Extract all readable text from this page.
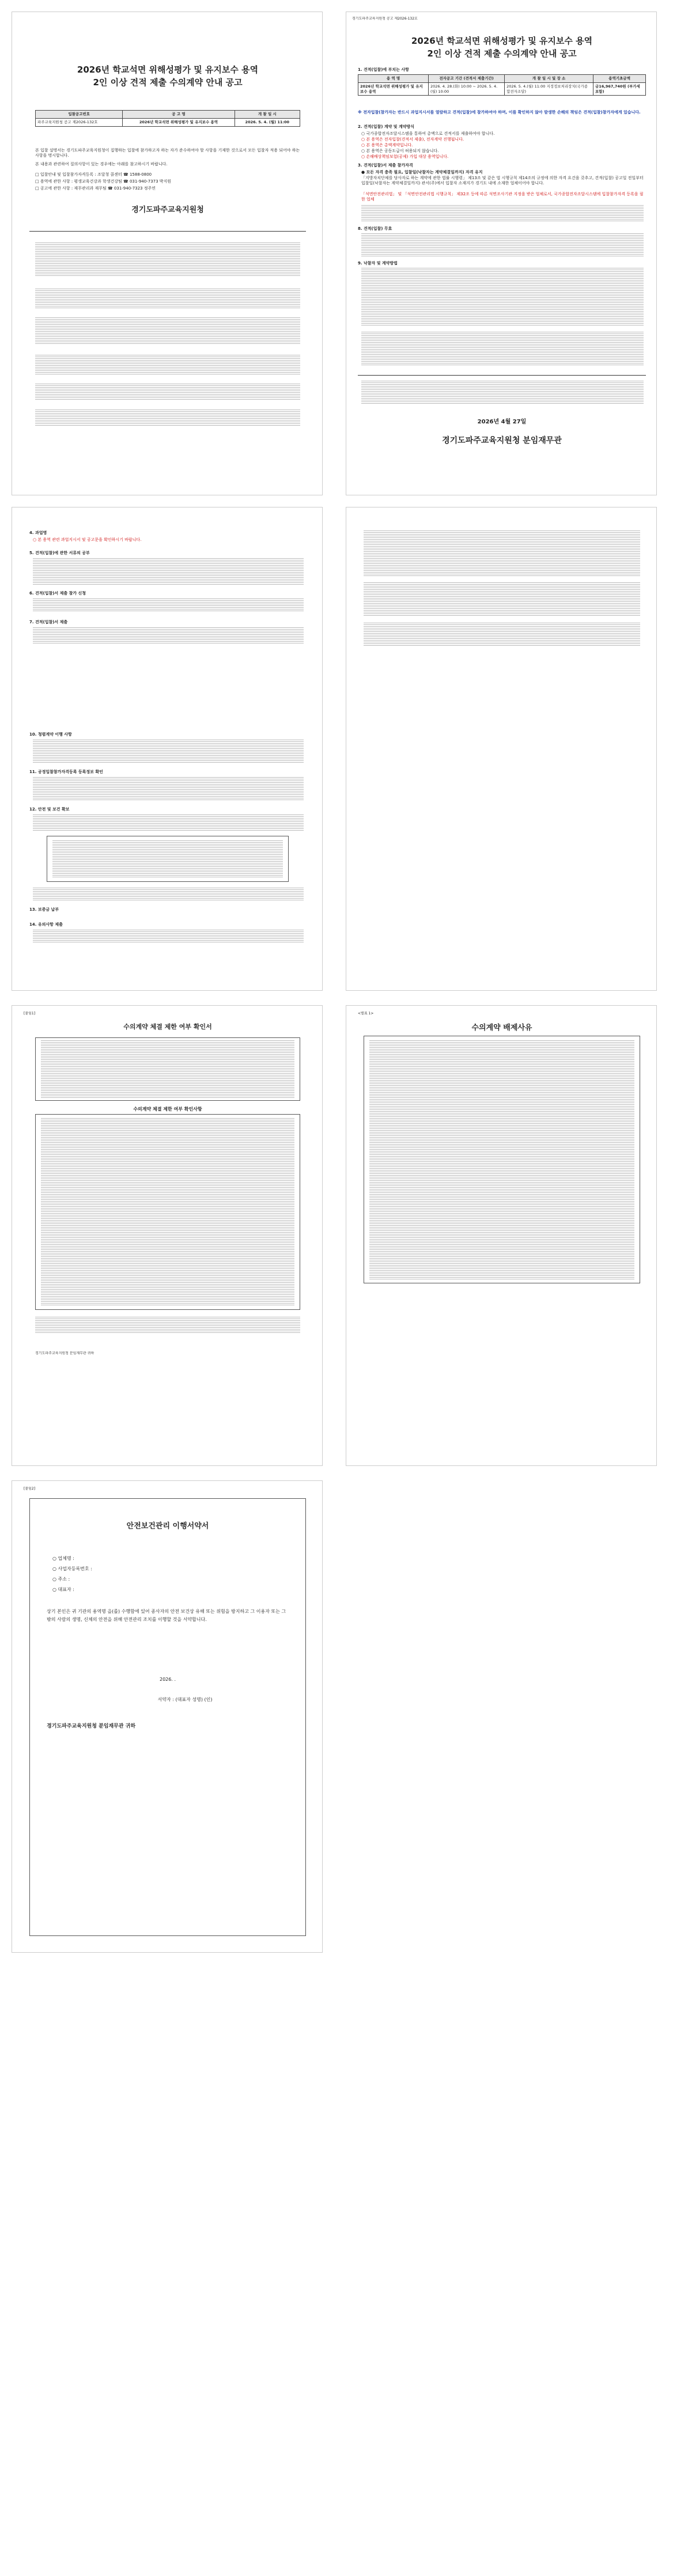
2026년 학교석면 위해성평가 및 유지보수 용역
2인 이상 견적 제출 수의계약 안내 공고
입찰공고번호	공 고 명	개 찰 일 시
파주교육지원청 공고 제2026-132호	2026년 학교석면 위해성평가 및 유지보수 용역	2026. 5. 4. (월) 11:00
본 입찰 설명서는 경기도파주교육지원청이 집행하는 입찰에 참가하고자 하는 자가 준수하여야 할 사항을 기재한 것으로서 모든 입찰자 적용 되어야 하는 사항을 명시합니다.
본 내용과 관련하여 질의사항이 있는 경우에는 아래를 참고하시기 바랍니다.
□ 입찰안내 및 입찰참가자격등록 : 조달청 콜센터 ☎ 1588-0800
□ 용역에 관한 사항 : 평생교육건강과 학생건강팀 ☎ 031-940-7373 박지원
□ 공고에 관한 사항 : 재무관리과 재무팀 ☎ 031-940-7323 정주연
경기도파주교육지원청
경기도파주교육지원청 공고 제2026-132호
2026년 학교석면 위해성평가 및 유지보수 용역
2인 이상 견적 제출 수의계약 안내 공고
1. 견적(입찰)에 부치는 사항
용 역 명	전자공고 기간 (견적서 제출기간)	개 찰 일 시 및 장 소	용역기초금액
2026년 학교석면 위해성평가 및 유지보수 용역	2026. 4. 28.(화) 10:00 ~ 2026. 5. 4.(월) 10:00	2026. 5. 4.(월) 11:00 지정정보처리장치(국가종합전자조달)	금16,967,740원 (부가세포함)
※ 전자입찰(참가자는 반드시 과업지시서를 열람하고 견적(입찰)에 참가하여야 하며, 이를 확인하지 않아 발생한 손해의 책임은 견적(입찰)참가자에게 있습니다.
2. 견적(입찰) 계약 및 계약방식
○ 국가종합전자조달시스템을 통하여 총액으로 견적서를 제출하여야 합니다.
○ 본 용역은 전자입찰(견적서 제출), 전자계약 진행됩니다.
○ 본 용역은 총액계약입니다.
○ 본 용역은 공동도급이 허용되지 않습니다.
○ 손해배상책임보험(공제) 가입 대상 용역입니다.
3. 견적(입찰)서 제출 참가자격
● 모든 자격 충족 필요, 입찰일(낙찰자는 계약체결일까지) 자격 유지
「지방자치단체를 당사자로 하는 계약에 관한 법률 시행령」 제13조 및 같은 법 시행규칙 제14조의 규정에 의한 자격 요건을 갖추고, 견적(입찰) 공고일 전일부터 입찰일(낙찰자는 계약체결일까지) 관서(주)에서 입찰자 소재지가 경기도 내에 소재한 업체이어야 합니다.
「석면안전관리법」 및 「석면안전관리법 시행규칙」 제32조 등에 따른 석면조사기관 지정을 받은 업체로서, 국가종합전자조달시스템에 입찰참가자격 등록을 필한 업체
8. 견적(입찰) 무효
9. 낙찰자 및 계약방법
2026년 4월 27일
경기도파주교육지원청 분임재무관
4. 과업명
○ 본 용역 관련 과업지시서 및 공고문을 확인하시기 바랍니다.
5. 견적(입찰)에 관한 서류의 공부
6. 견적(입찰)서 제출 참가 신청
7. 견적(입찰)서 제출
10. 청렴계약 이행 사항
11. 공정입찰참가자격등록 등록정보 확인
12. 안전 및 보건 확보
13. 보증금 납부
14. 유의사항 제출
[붙임1]
수의계약 체결 제한 여부 확인서
수의계약 체결 제한 여부 확인사항
경기도파주교육지원청 분임재무관 귀하
<별표 1>
수의계약 배제사유
[붙임2]
안전보건관리 이행서약서
○ 업체명 :
○ 사업자등록번호 :
○ 주소 :
○ 대표자 :
상기 본인은 귀 기관의 용역명 을(를) 수행함에 있어 종사자의 안전 보건상 유해 또는 위험을 방지하고 그 이용자 또는 그 밖의 사람의 생명, 신체의 안전을 위해 안전관리 조치를 이행할 것을 서약합니다.
2026. .
서약자 : (대표자 성명) (인)
경기도파주교육지원청 분임재무관 귀하
